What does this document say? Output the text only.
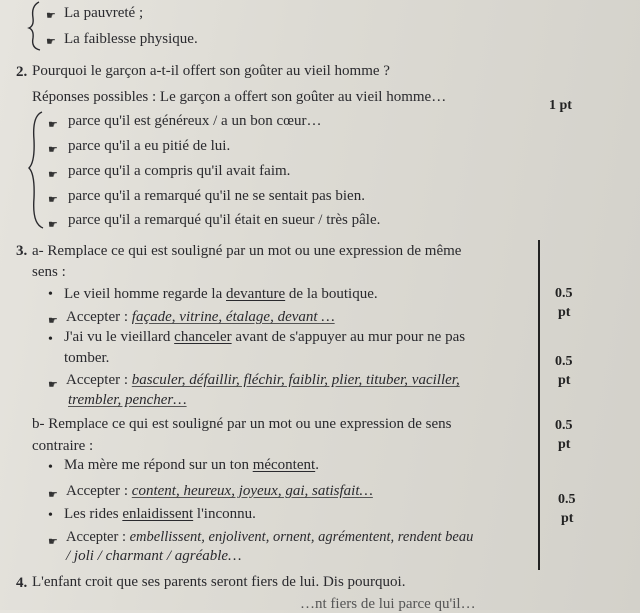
☛ La pauvreté ;
☛ La faiblesse physique.
2. Pourquoi le garçon a-t-il offert son goûter au vieil homme ?
Réponses possibles : Le garçon a offert son goûter au vieil homme…
1 pt
☛ parce qu'il est généreux / a un bon cœur…
☛ parce qu'il a eu pitié de lui.
☛ parce qu'il a compris qu'il avait faim.
☛ parce qu'il a remarqué qu'il ne se sentait pas bien.
☛ parce qu'il a remarqué qu'il était en sueur / très pâle.
3. a- Remplace ce qui est souligné par un mot ou une expression de même
sens :
• Le vieil homme regarde la devanture de la boutique.	0.5
pt
☛ Accepter : façade, vitrine, étalage, devant …
• J'ai vu le vieillard chanceler avant de s'appuyer au mur pour ne pas
tomber.	0.5
pt
☛ Accepter : basculer, défaillir, fléchir, faiblir, plier, tituber, vaciller,
trembler, pencher…
b- Remplace ce qui est souligné par un mot ou une expression de sens
contraire :
0.5
pt
• Ma mère me répond sur un ton mécontent.
☛ Accepter : content, heureux, joyeux, gai, satisfait…
• Les rides enlaidissent l'inconnu.
0.5
pt
☛ Accepter : embellissent, enjolivent, ornent, agrémentent, rendent beau
/ joli / charmant / agréable…
4. L'enfant croit que ses parents seront fiers de lui. Dis pourquoi.
…nt fiers de lui parce qu'il…
